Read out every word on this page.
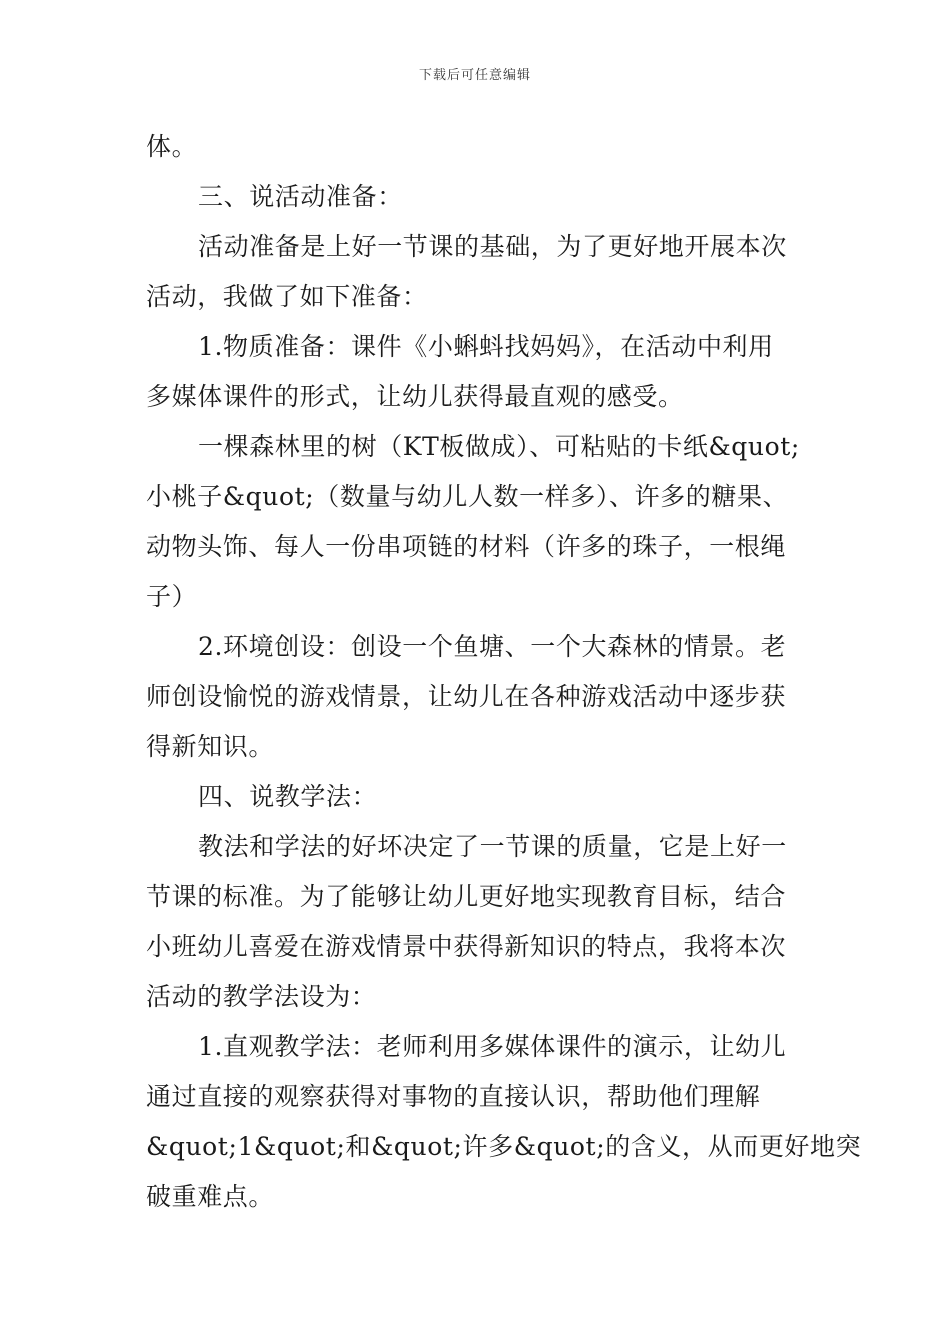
下载后可任意编辑
体。
三、说活动准备：
活动准备是上好一节课的基础，为了更好地开展本次
活动，我做了如下准备：
1.物质准备：课件《小蝌蚪找妈妈》，在活动中利用
多媒体课件的形式，让幼儿获得最直观的感受。
一棵森林里的树（KT板做成）、可粘贴的卡纸&quot;
小桃子&quot;（数量与幼儿人数一样多）、许多的糖果、
动物头饰、每人一份串项链的材料（许多的珠子，一根绳
子）
2.环境创设：创设一个鱼塘、一个大森林的情景。老
师创设愉悦的游戏情景，让幼儿在各种游戏活动中逐步获
得新知识。
四、说教学法：
教法和学法的好坏决定了一节课的质量，它是上好一
节课的标准。为了能够让幼儿更好地实现教育目标，结合
小班幼儿喜爱在游戏情景中获得新知识的特点，我将本次
活动的教学法设为：
1.直观教学法：老师利用多媒体课件的演示，让幼儿
通过直接的观察获得对事物的直接认识，帮助他们理解
&quot;1&quot;和&quot;许多&quot;的含义，从而更好地突
破重难点。
